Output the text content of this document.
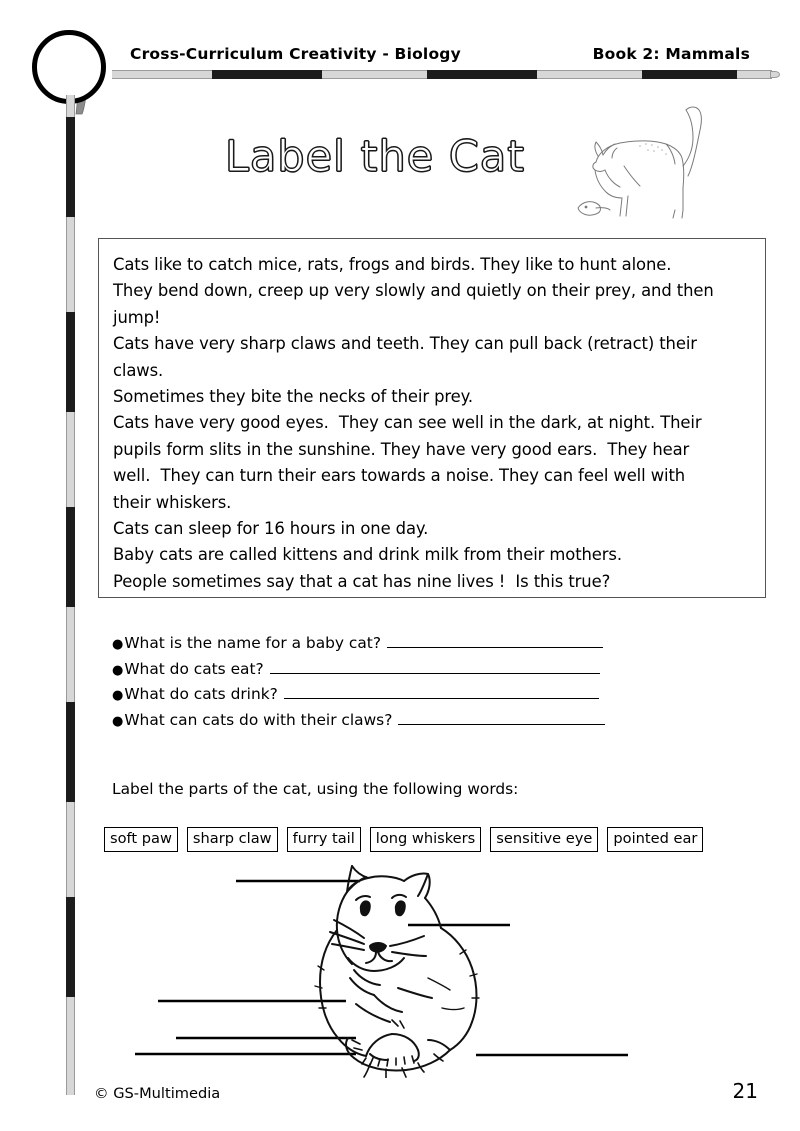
Cross-Curriculum Creativity - Biology	Book 2: Mammals
Label the Cat
Cats like to catch mice, rats, frogs and birds. They like to hunt alone.
They bend down, creep up very slowly and quietly on their prey, and then
jump!
Cats have very sharp claws and teeth. They can pull back (retract) their
claws.
Sometimes they bite the necks of their prey.
Cats have very good eyes.  They can see well in the dark, at night. Their
pupils form slits in the sunshine. They have very good ears.  They hear
well.  They can turn their ears towards a noise. They can feel well with
their whiskers.
Cats can sleep for 16 hours in one day.
Baby cats are called kittens and drink milk from their mothers.
People sometimes say that a cat has nine lives !  Is this true?
● What is the name for a baby cat?
● What do cats eat?
● What do cats drink?
● What can cats do with their claws?
Label the parts of the cat, using the following words:
soft paw	sharp claw	furry tail	long whiskers	sensitive eye	pointed ear
© GS-Multimedia	21
